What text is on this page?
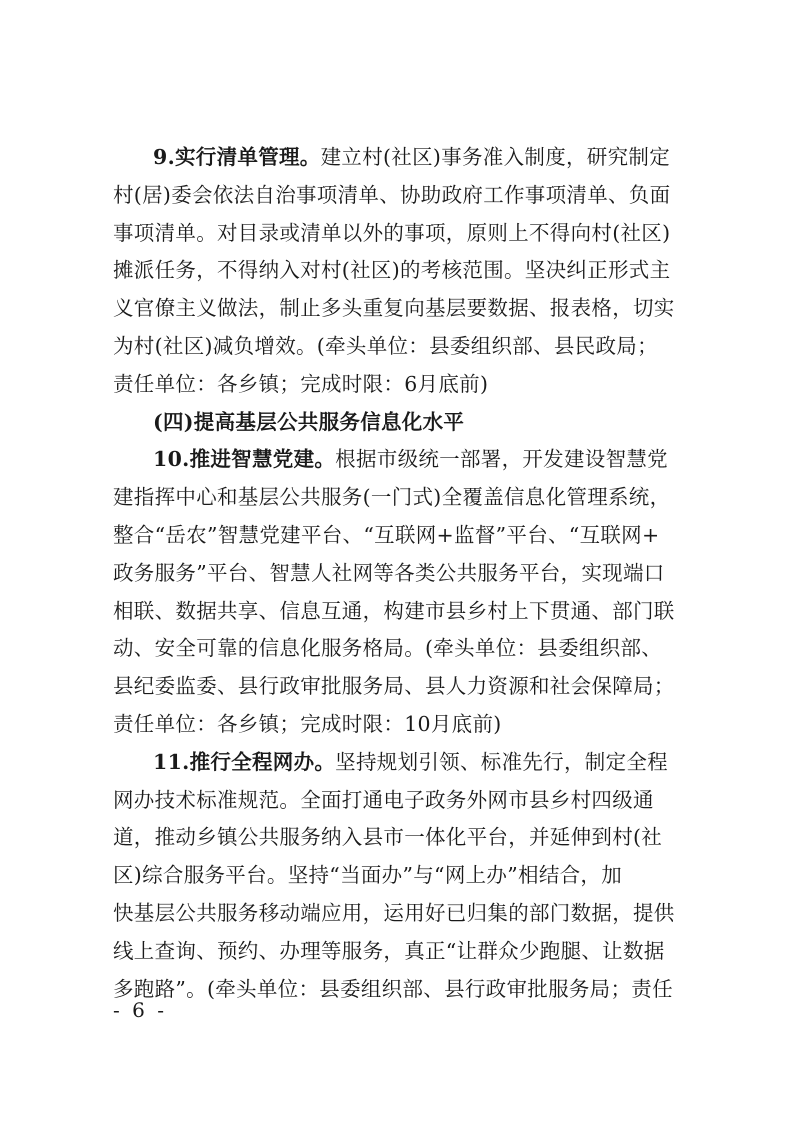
9.实行清单管理。建立村(社区)事务准入制度，研究制定
村(居)委会依法自治事项清单、协助政府工作事项清单、负面
事项清单。对目录或清单以外的事项，原则上不得向村(社区)
摊派任务，不得纳入对村(社区)的考核范围。坚决纠正形式主
义官僚主义做法，制止多头重复向基层要数据、报表格，切实
为村(社区)减负增效。(牵头单位：县委组织部、县民政局；
责任单位：各乡镇；完成时限：6月底前)
(四)提高基层公共服务信息化水平
10.推进智慧党建。根据市级统一部署，开发建设智慧党
建指挥中心和基层公共服务(一门式)全覆盖信息化管理系统，
整合“岳农”智慧党建平台、“互联网+监督”平台、“互联网+
政务服务”平台、智慧人社网等各类公共服务平台，实现端口
相联、数据共享、信息互通，构建市县乡村上下贯通、部门联
动、安全可靠的信息化服务格局。(牵头单位：县委组织部、
县纪委监委、县行政审批服务局、县人力资源和社会保障局；
责任单位：各乡镇；完成时限：10月底前)
11.推行全程网办。坚持规划引领、标准先行，制定全程
网办技术标准规范。全面打通电子政务外网市县乡村四级通
道，推动乡镇公共服务纳入县市一体化平台，并延伸到村(社
区)综合服务平台。坚持“当面办”与“网上办”相结合，加
快基层公共服务移动端应用，运用好已归集的部门数据，提供
线上查询、预约、办理等服务，真正“让群众少跑腿、让数据
多跑路”。(牵头单位：县委组织部、县行政审批服务局；责任
- 6 -
